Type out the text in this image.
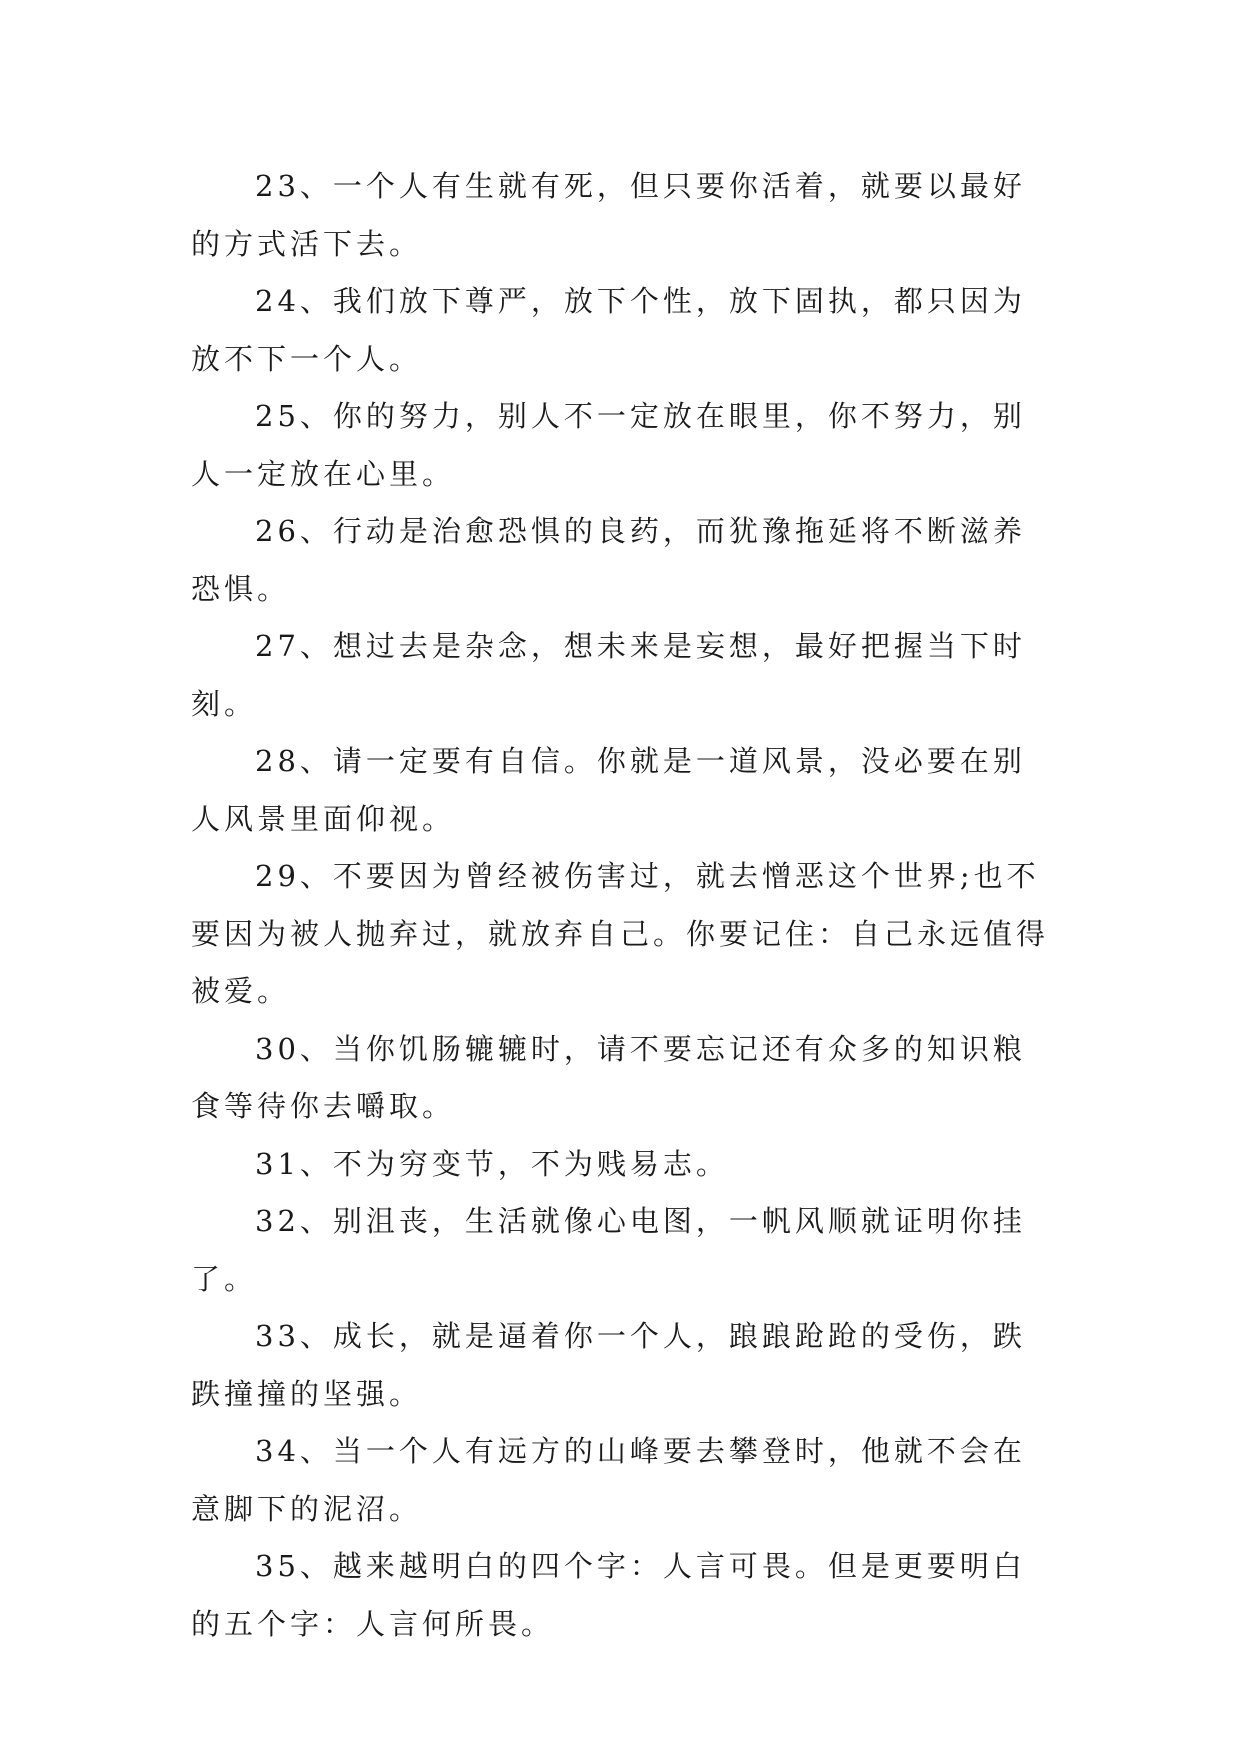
23、一个人有生就有死，但只要你活着，就要以最好的方式活下去。

24、我们放下尊严，放下个性，放下固执，都只因为放不下一个人。

25、你的努力，别人不一定放在眼里，你不努力，别人一定放在心里。

26、行动是治愈恐惧的良药，而犹豫拖延将不断滋养恐惧。

27、想过去是杂念，想未来是妄想，最好把握当下时刻。

28、请一定要有自信。你就是一道风景，没必要在别人风景里面仰视。

29、不要因为曾经被伤害过，就去憎恶这个世界;也不要因为被人抛弃过，就放弃自己。你要记住：自己永远值得被爱。

30、当你饥肠辘辘时，请不要忘记还有众多的知识粮食等待你去嚼取。

31、不为穷变节，不为贱易志。

32、别沮丧，生活就像心电图，一帆风顺就证明你挂了。

33、成长，就是逼着你一个人，踉踉跄跄的受伤，跌跌撞撞的坚强。

34、当一个人有远方的山峰要去攀登时，他就不会在意脚下的泥沼。

35、越来越明白的四个字：人言可畏。但是更要明白的五个字：人言何所畏。
